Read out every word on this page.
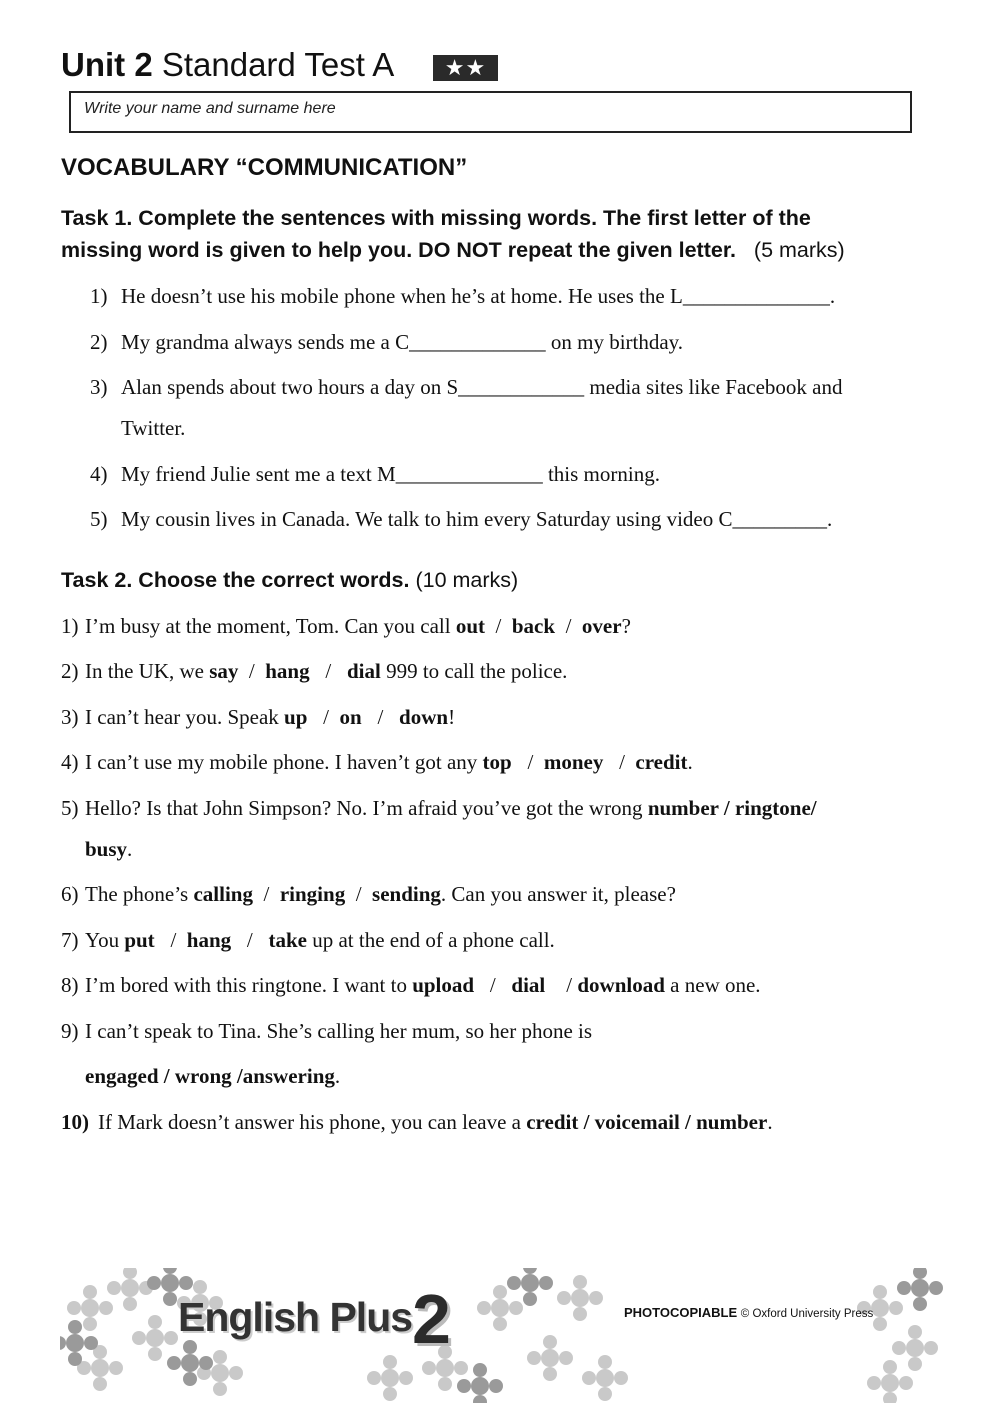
Unit 2 Standard Test A	★★
Write your name and surname here
VOCABULARY “COMMUNICATION”
Task 1. Complete the sentences with missing words. The first letter of the
missing word is given to help you. DO NOT repeat the given letter. (5 marks)
1) He doesn’t use his mobile phone when he’s at home. He uses the L______________.
2) My grandma always sends me a C_____________ on my birthday.
3) Alan spends about two hours a day on S____________ media sites like Facebook and
Twitter.
4) My friend Julie sent me a text M______________ this morning.
5) My cousin lives in Canada. We talk to him every Saturday using video C_________.
Task 2. Choose the correct words. (10 marks)
1) I’m busy at the moment, Tom. Can you call out  /  back  /  over?
2) In the UK, we say  /  hang   /   dial 999 to call the police.
3) I can’t hear you. Speak up   /  on   /   down!
4) I can’t use my mobile phone. I haven’t got any top   /  money   /  credit.
5) Hello? Is that John Simpson? No. I’m afraid you’ve got the wrong number / ringtone/
busy.
6) The phone’s calling  /  ringing  /  sending. Can you answer it, please?
7) You put   /  hang   /   take up at the end of a phone call.
8) I’m bored with this ringtone. I want to upload   /   dial    / download a new one.
9) I can’t speak to Tina. She’s calling her mum, so her phone is
engaged / wrong /answering.
10) If Mark doesn’t answer his phone, you can leave a credit / voicemail / number.
English Plus 2	PHOTOCOPIABLE © Oxford University Press
